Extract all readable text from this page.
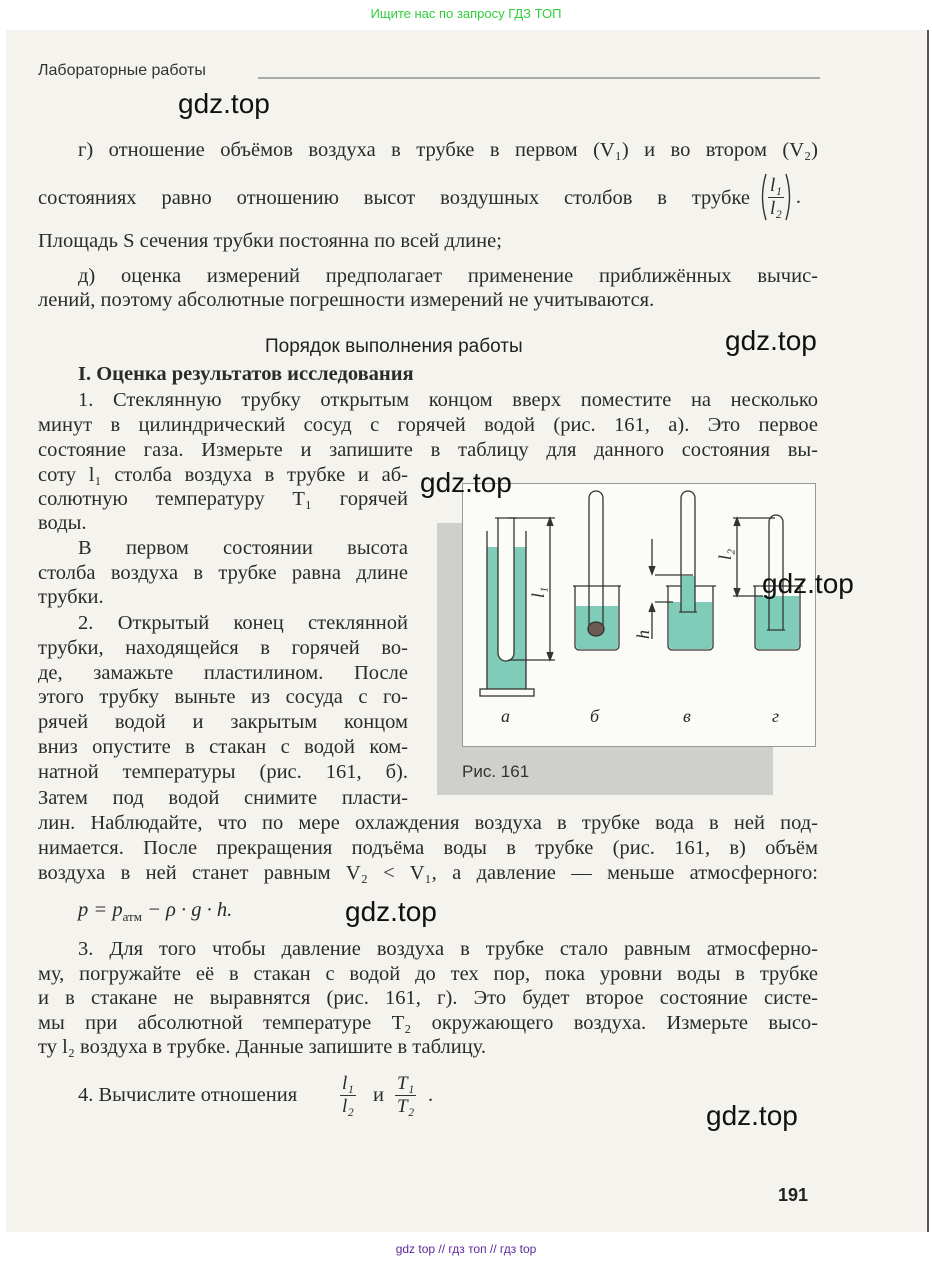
Ищите нас по запросу ГДЗ ТОП
Лабораторные работы
gdz.top
gdz.top
gdz.top
gdz.top
gdz.top
г) отношение объёмов воздуха в трубке в первом (V₁) и во втором (V₂)
состояниях равно отношению высот воздушных столбов в трубке $\frac{\text{l₁}}{\text{l₂}}$ .
Площадь S сечения трубки постоянна по всей длине;
д) оценка измерений предполагает применение приближённых вычис-
лений, поэтому абсолютные погрешности измерений не учитываются.
Порядок выполнения работы
I. Оценка результатов исследования
1. Стеклянную трубку открытым концом вверх поместите на несколько
минут в цилиндрический сосуд с горячей водой (рис. 161, а). Это первое
состояние газа. Измерьте и запишите в таблицу для данного состояния вы-
соту l₁ столба воздуха в трубке и аб-
солютную температуру T₁ горячей
воды.
В первом состоянии высота
столба воздуха в трубке равна длине
трубки.
2. Открытый конец стеклянной
трубки, находящейся в горячей во-
де, замажьте пластилином. После
этого трубку выньте из сосуда с го-
рячей водой и закрытым концом
вниз опустите в стакан с водой ком-
натной температуры (рис. 161, б).
Затем под водой снимите пласти-
лин. Наблюдайте, что по мере охлаждения воздуха в трубке вода в ней под-
нимается. После прекращения подъёма воды в трубке (рис. 161, в) объём
воздуха в ней станет равным V₂ < V₁, а давление — меньше атмосферного:
$p = p_{атм} - \rho \cdot g \cdot h$.
3. Для того чтобы давление воздуха в трубке стало равным атмосферно-
му, погружайте её в стакан с водой до тех пор, пока уровни воды в трубке
и в стакане не выравнятся (рис. 161, г). Это будет второе состояние систе-
мы при абсолютной температуре T₂ окружающего воздуха. Измерьте высо-
ту l₂ воздуха в трубке. Данные запишите в таблицу.
4. Вычислите отношения $\frac{\text{l₁}}{\text{l₂}}$ и $\frac{\text{T₁}}{\text{T₂}}$ .
l₁
h
l₂
а	б	в	г
Рис. 161
gdz.top
191
gdz top // гдз топ // гдз top
